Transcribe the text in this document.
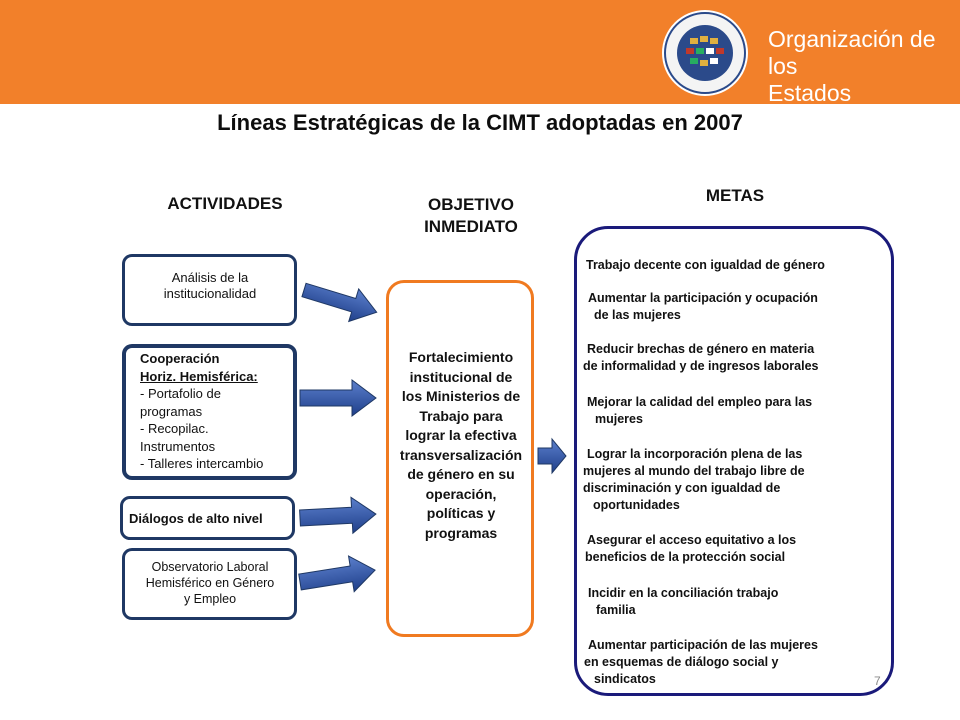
Organización de los
Estados Americanos
Líneas Estratégicas de la CIMT adoptadas en 2007
ACTIVIDADES	OBJETIVO
INMEDIATO
METAS
Análisis de la
institucionalidad
Cooperación
Horiz. Hemisférica:
- Portafolio de
programas
- Recopilac.
Instrumentos
- Talleres intercambio
Diálogos de alto nivel
Observatorio Laboral
Hemisférico en Género
y Empleo
Fortalecimiento
institucional de
los Ministerios de
Trabajo para
lograr la efectiva
transversalización
de género en su
operación,
políticas y
programas
Trabajo decente con igualdad de género
Aumentar la participación y ocupación
de las mujeres
Reducir brechas de género en materia
de informalidad y de ingresos laborales
Mejorar la calidad del empleo para las
mujeres
Lograr la incorporación plena de las
mujeres al mundo del trabajo libre de
discriminación y con igualdad de
oportunidades
Asegurar el acceso equitativo a los
beneficios de la protección social
Incidir en la conciliación trabajo
familia
Aumentar participación de las mujeres
en esquemas de diálogo social y
sindicatos	7
